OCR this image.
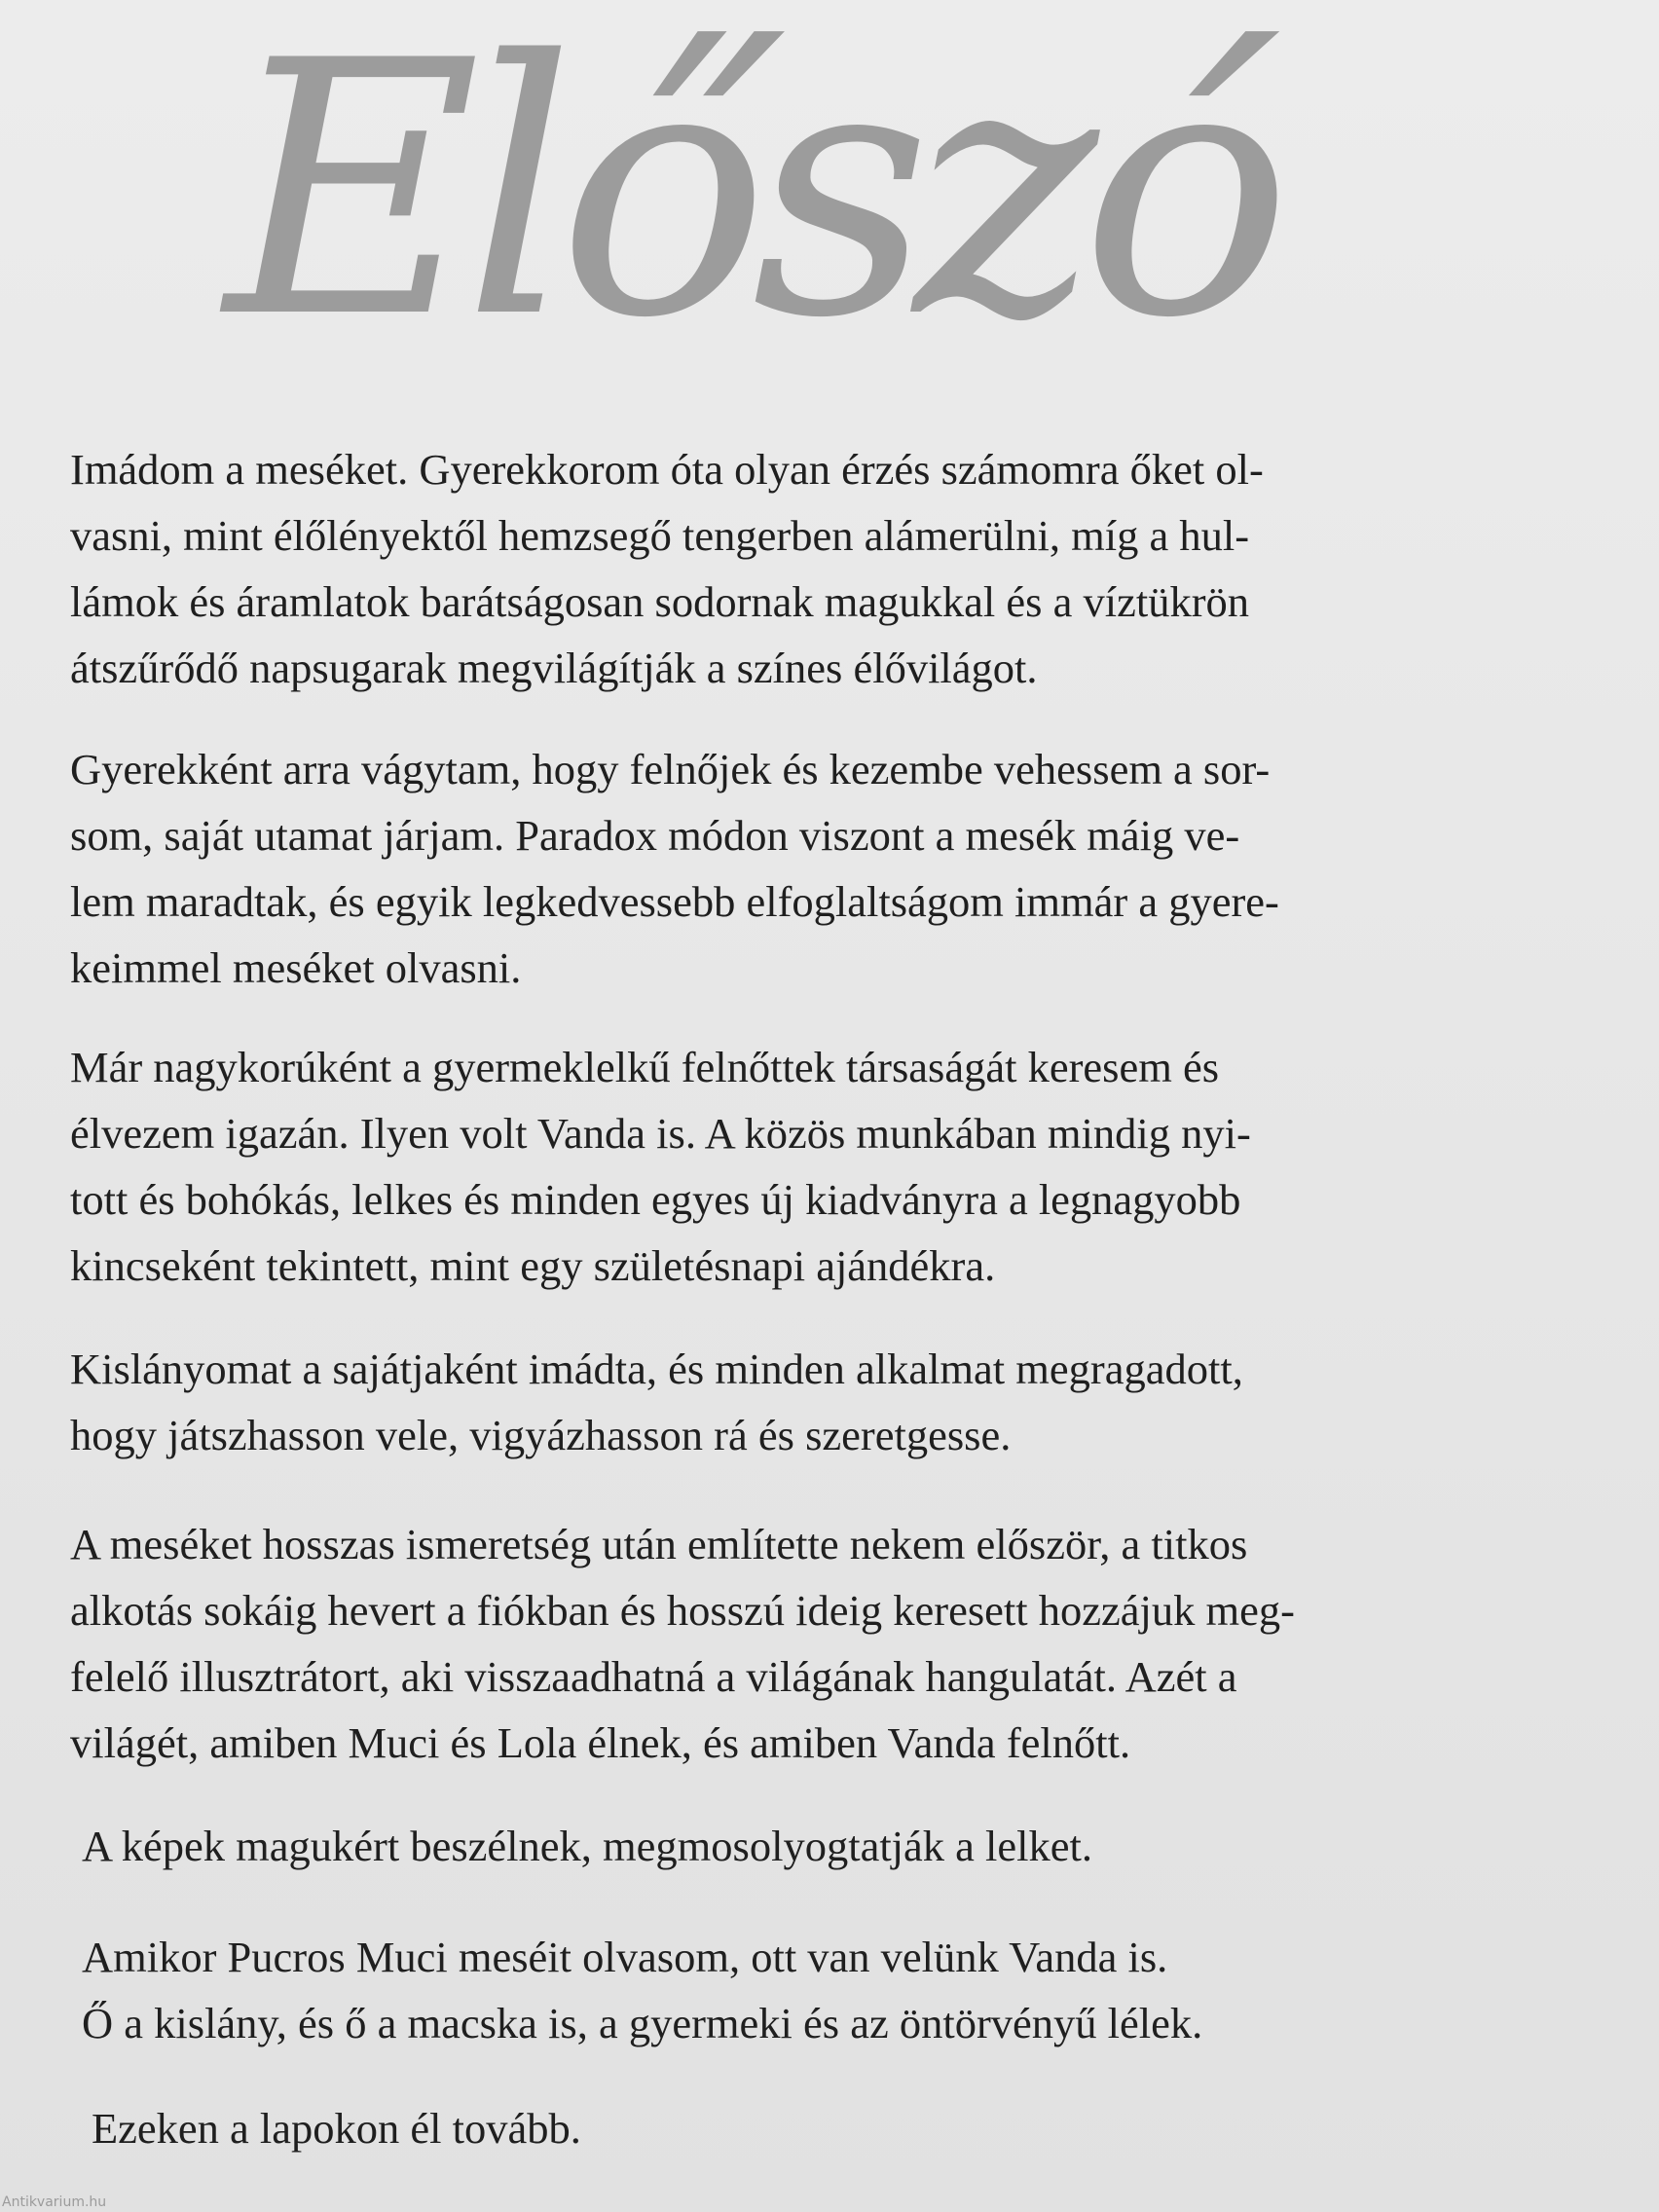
Előszó

Imádom a meséket. Gyerekkorom óta olyan érzés számomra őket ol-
vasni, mint élőlényektől hemzsegő tengerben alámerülni, míg a hul-
lámok és áramlatok barátságosan sodornak magukkal és a víztükrön
átszűrődő napsugarak megvilágítják a színes élővilágot.

Gyerekként arra vágytam, hogy felnőjek és kezembe vehessem a sor-
som, saját utamat járjam. Paradox módon viszont a mesék máig ve-
lem maradtak, és egyik legkedvessebb elfoglaltságom immár a gyere-
keimmel meséket olvasni.

Már nagykorúként a gyermeklelkű felnőttek társaságát keresem és
élvezem igazán. Ilyen volt Vanda is. A közös munkában mindig nyi-
tott és bohókás, lelkes és minden egyes új kiadványra a legnagyobb
kincseként tekintett, mint egy születésnapi ajándékra.

Kislányomat a sajátjaként imádta, és minden alkalmat megragadott,
hogy játszhasson vele, vigyázhasson rá és szeretgesse.

A meséket hosszas ismeretség után említette nekem először, a titkos
alkotás sokáig hevert a fiókban és hosszú ideig keresett hozzájuk meg-
felelő illusztrátort, aki visszaadhatná a világának hangulatát. Azét a
világét, amiben Muci és Lola élnek, és amiben Vanda felnőtt.

A képek magukért beszélnek, megmosolyogtatják a lelket.

Amikor Pucros Muci meséit olvasom, ott van velünk Vanda is.
Ő a kislány, és ő a macska is, a gyermeki és az öntörvényű lélek.

Ezeken a lapokon él tovább.

Antikvarium.hu
